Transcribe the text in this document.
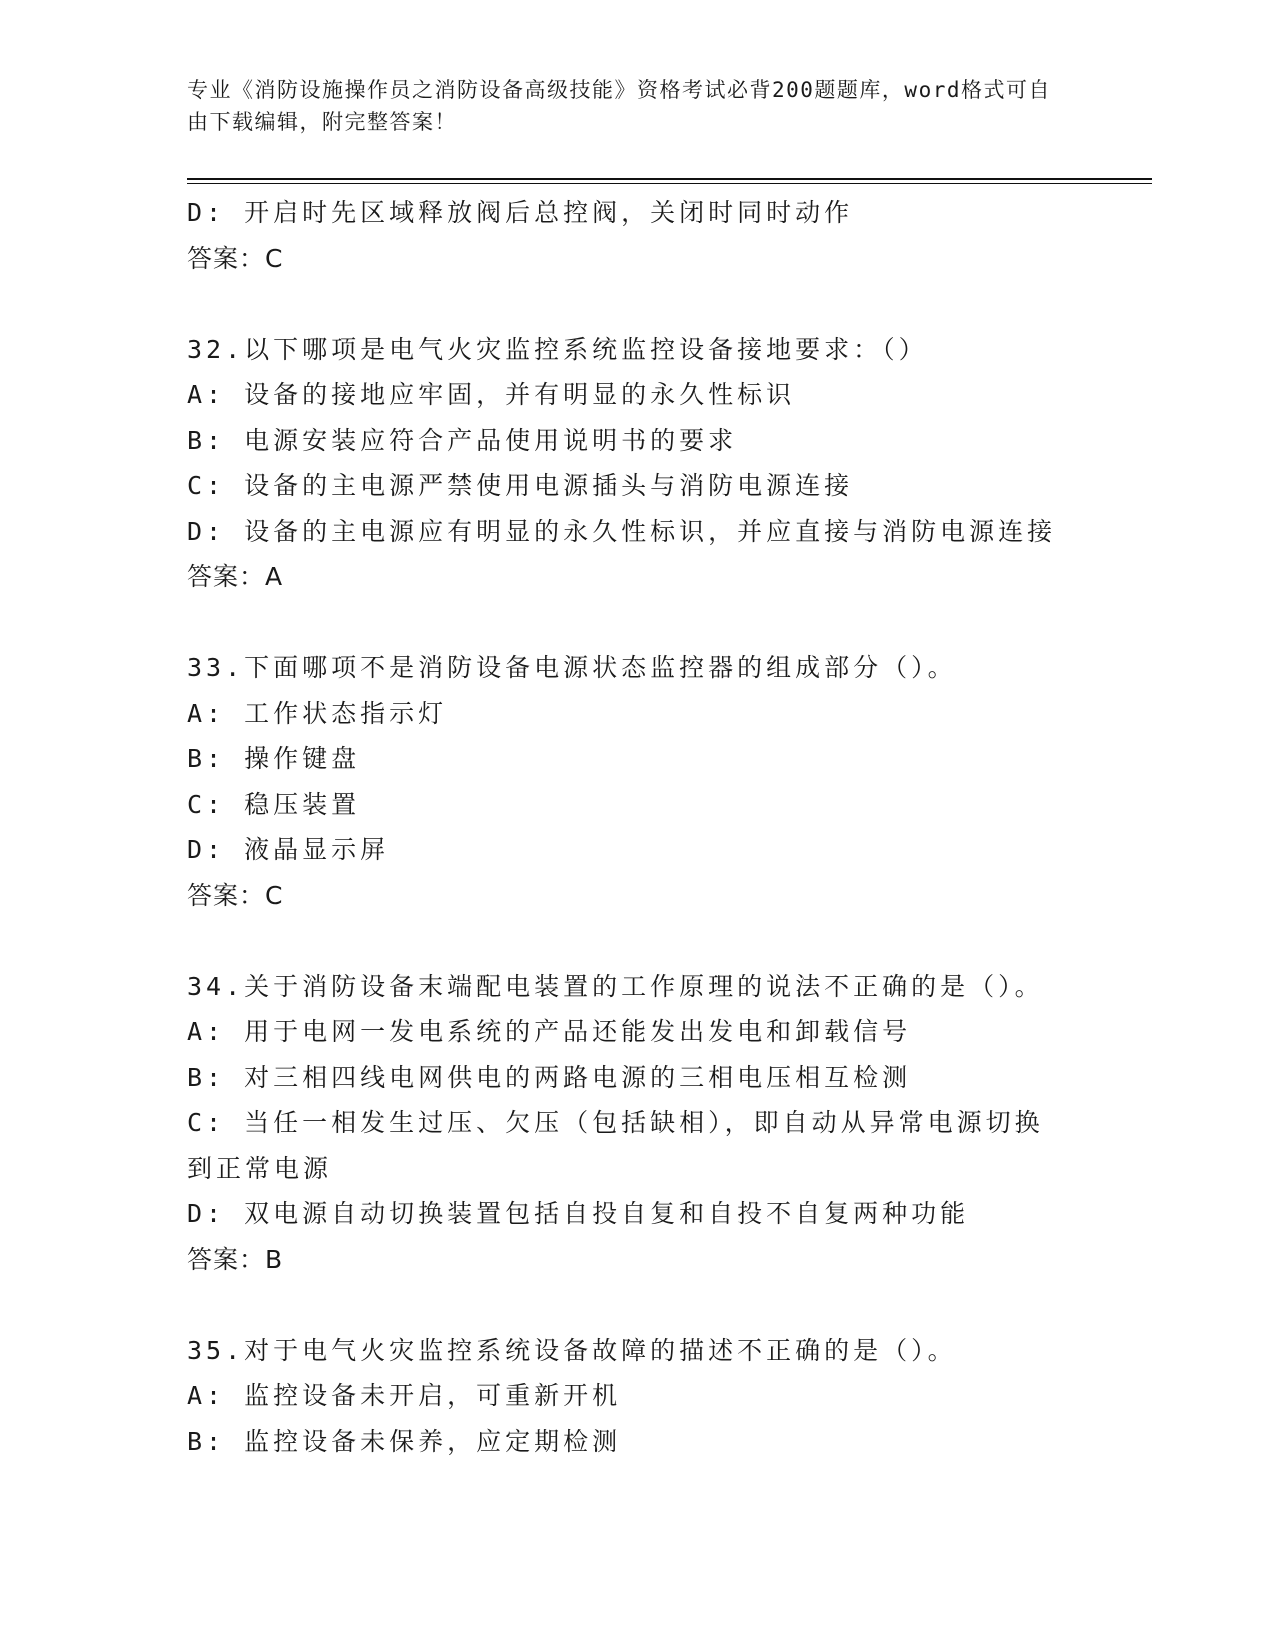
专业《消防设施操作员之消防设备高级技能》资格考试必背200题题库，word格式可自由下载编辑，附完整答案！
D: 开启时先区域释放阀后总控阀，关闭时同时动作
答案：C
32.以下哪项是电气火灾监控系统监控设备接地要求：（）
A: 设备的接地应牢固，并有明显的永久性标识
B: 电源安装应符合产品使用说明书的要求
C: 设备的主电源严禁使用电源插头与消防电源连接
D: 设备的主电源应有明显的永久性标识，并应直接与消防电源连接
答案：A
33.下面哪项不是消防设备电源状态监控器的组成部分（）。
A: 工作状态指示灯
B: 操作键盘
C: 稳压装置
D: 液晶显示屏
答案：C
34.关于消防设备末端配电装置的工作原理的说法不正确的是（）。
A: 用于电网一发电系统的产品还能发出发电和卸载信号
B: 对三相四线电网供电的两路电源的三相电压相互检测
C: 当任一相发生过压、欠压（包括缺相），即自动从异常电源切换到正常电源
D: 双电源自动切换装置包括自投自复和自投不自复两种功能
答案：B
35.对于电气火灾监控系统设备故障的描述不正确的是（）。
A: 监控设备未开启，可重新开机
B: 监控设备未保养，应定期检测
